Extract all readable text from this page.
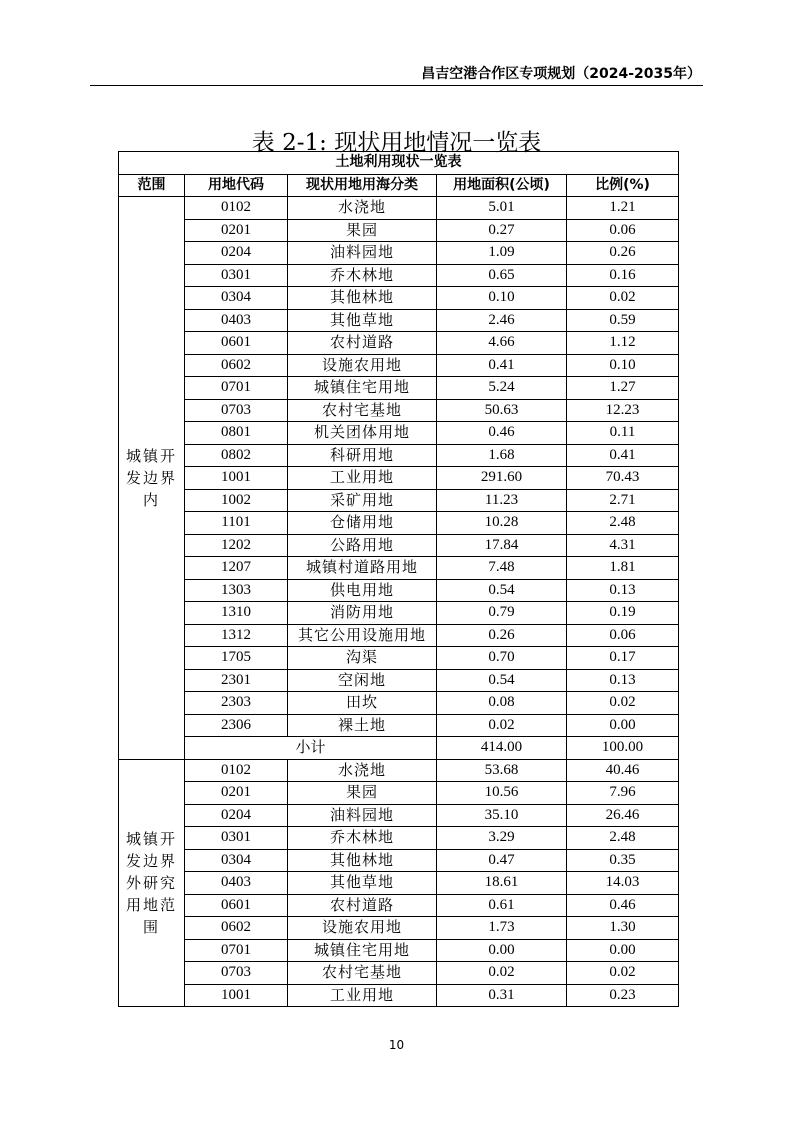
昌吉空港合作区专项规划（2024-2035年）
表 2-1: 现状用地情况一览表
土地利用现状一览表				
范围	用地代码	现状用地用海分类	用地面积(公顷)	比例(%)

城镇开
发边界
内	0102	水浇地	5.01	1.21
	0201	果园	0.27	0.06
	0204	油料园地	1.09	0.26
	0301	乔木林地	0.65	0.16
	0304	其他林地	0.10	0.02
	0403	其他草地	2.46	0.59
	0601	农村道路	4.66	1.12
	0602	设施农用地	0.41	0.10
	0701	城镇住宅用地	5.24	1.27
	0703	农村宅基地	50.63	12.23
	0801	机关团体用地	0.46	0.11
	0802	科研用地	1.68	0.41
	1001	工业用地	291.60	70.43
	1002	采矿用地	11.23	2.71
	1101	仓储用地	10.28	2.48
	1202	公路用地	17.84	4.31
	1207	城镇村道路用地	7.48	1.81
	1303	供电用地	0.54	0.13
	1310	消防用地	0.79	0.19
	1312	其它公用设施用地	0.26	0.06
	1705	沟渠	0.70	0.17
	2301	空闲地	0.54	0.13
	2303	田坎	0.08	0.02
	2306	裸土地	0.02	0.00
	小计		414.00	100.00

城镇开
发边界
外研究
用地范
围	0102	水浇地	53.68	40.46
	0201	果园	10.56	7.96
	0204	油料园地	35.10	26.46
	0301	乔木林地	3.29	2.48
	0304	其他林地	0.47	0.35
	0403	其他草地	18.61	14.03
	0601	农村道路	0.61	0.46
	0602	设施农用地	1.73	1.30
	0701	城镇住宅用地	0.00	0.00
	0703	农村宅基地	0.02	0.02
	1001	工业用地	0.31	0.23
10
